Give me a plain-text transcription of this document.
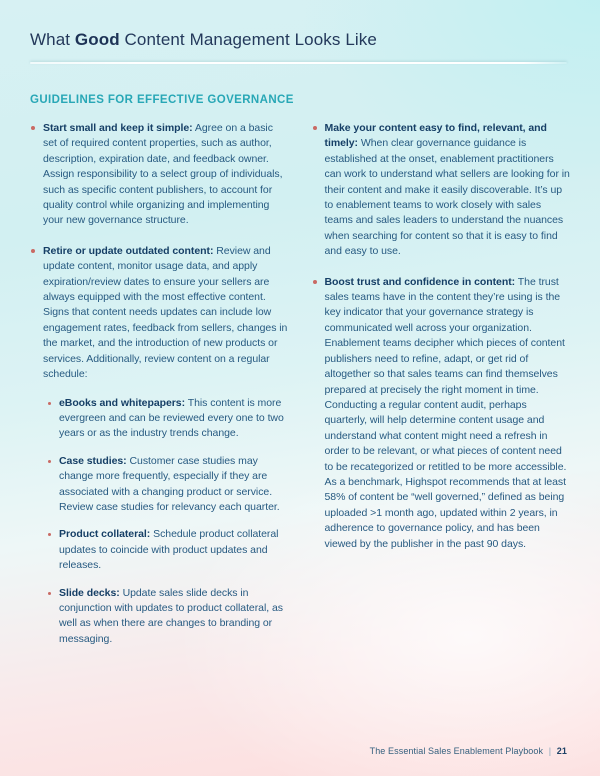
What Good Content Management Looks Like
GUIDELINES FOR EFFECTIVE GOVERNANCE

Start small and keep it simple: Agree on a basic set of required content properties, such as author, description, expiration date, and feedback owner. Assign responsibility to a select group of individuals, such as specific content publishers, to account for quality control while organizing and implementing your new governance structure.

Retire or update outdated content: Review and update content, monitor usage data, and apply expiration/review dates to ensure your sellers are always equipped with the most effective content. Signs that content needs updates can include low engagement rates, feedback from sellers, changes in the market, and the introduction of new products or services. Additionally, review content on a regular schedule:

eBooks and whitepapers: This content is more evergreen and can be reviewed every one to two years or as the industry trends change.

Case studies: Customer case studies may change more frequently, especially if they are associated with a changing product or service. Review case studies for relevancy each quarter.

Product collateral: Schedule product collateral updates to coincide with product updates and releases.

Slide decks: Update sales slide decks in conjunction with updates to product collateral, as well as when there are changes to branding or messaging.

Make your content easy to find, relevant, and timely: When clear governance guidance is established at the onset, enablement practitioners can work to understand what sellers are looking for in their content and make it easily discoverable. It’s up to enablement teams to work closely with sales teams and sales leaders to understand the nuances when searching for content so that it is easy to find and easy to use.

Boost trust and confidence in content: The trust sales teams have in the content they’re using is the key indicator that your governance strategy is communicated well across your organization. Enablement teams decipher which pieces of content publishers need to refine, adapt, or get rid of altogether so that sales teams can find themselves prepared at precisely the right moment in time. Conducting a regular content audit, perhaps quarterly, will help determine content usage and understand what content might need a refresh in order to be relevant, or what pieces of content need to be recategorized or retitled to be more accessible. As a benchmark, Highspot recommends that at least 58% of content be “well governed,” defined as being uploaded >1 month ago, updated within 2 years, in adherence to governance policy, and has been viewed by the publisher in the past 90 days.

The Essential Sales Enablement Playbook | 21
